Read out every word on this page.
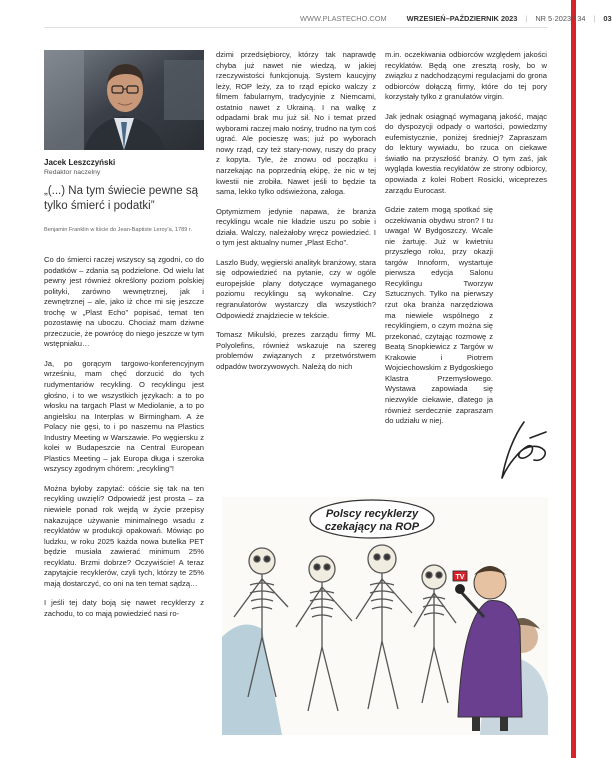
WWW.PLASTECHO.COM	WRZESIEŃ–PAŹDZIERNIK 2023 | NR 5·2023 / 34 | 03
Jacek Leszczyński
Redaktor naczelny
„(...) Na tym świecie pewne są tylko śmierć i podatki”
Benjamin Franklin w liście do Jean-Baptiste Leroy’a, 1789 r.

Co do śmierci raczej wszyscy są zgodni, co do podatków – zdania są podzielone. Od wielu lat pewny jest również określony poziom polskiej polityki, zarówno wewnętrznej, jak i zewnętrznej – ale, jako iż chce mi się jeszcze trochę w „Plast Echo” popisać, temat ten pozostawię na uboczu. Chociaż mam dziwne przeczucie, że powrócę do niego jeszcze w tym wstępniaku…

Ja, po gorącym targowo-konferencyjnym wrześniu, mam chęć dorzucić do tych rudymentariów recykling. O recyklingu jest głośno, i to we wszystkich językach: a to po włosku na targach Plast w Mediolanie, a to po angielsku na Interplas w Birmingham. A że Polacy nie gęsi, to i po naszemu na Plastics Industry Meeting w Warszawie. Po węgiersku z kolei w Budapeszcie na Central European Plastics Meeting – jak Europa długa i szeroka wszyscy zgodnym chórem: „recykling”!

Można byłoby zapytać: cóście się tak na ten recykling uwzięli? Odpowiedź jest prosta – za niewiele ponad rok wejdą w życie przepisy nakazujące używanie minimalnego wsadu z recyklatów w produkcji opakowań. Mówiąc po ludzku, w roku 2025 każda nowa butelka PET będzie musiała zawierać minimum 25% recyklatu. Brzmi dobrze? Oczywiście! A teraz zapytajcie recyklerów, czyli tych, którzy te 25% mają dostarczyć, co oni na ten temat sądzą…

I jeśli tej daty boją się nawet recyklerzy z zachodu, to co mają powiedzieć nasi ro-

dzimi przedsiębiorcy, którzy tak naprawdę chyba już nawet nie wiedzą, w jakiej rzeczywistości funkcjonują. System kaucyjny leży, ROP leży, za to rząd epicko walczy z filmem fabularnym, tradycyjnie z Niemcami, ostatnio nawet z Ukrainą. I na walkę z odpadami brak mu już sił. No i temat przed wyborami raczej mało nośny, trudno na tym coś ugrać. Ale pocieszę was; już po wyborach nowy rząd, czy też stary-nowy, ruszy do pracy z kopyta. Tyle, że znowu od początku i narzekając na poprzednią ekipę, że nic w tej kwestii nie zrobiła. Nawet jeśli to będzie ta sama, lekko tylko odświeżona, załoga.

Optymizmem jedynie napawa, że branża recyklingu wcale nie kładzie uszu po sobie i działa. Walczy, należałoby wręcz powiedzieć. I o tym jest aktualny numer „Plast Echo”.

Laszlo Budy, węgierski analityk branżowy, stara się odpowiedzieć na pytanie, czy w ogóle europejskie plany dotyczące wymaganego poziomu recyklingu są wykonalne. Czy regranulatorów wystarczy dla wszystkich? Odpowiedź znajdziecie w tekście.

Tomasz Mikulski, prezes zarządu firmy ML Polyolefins, również wskazuje na szereg problemów związanych z przetwórstwem odpadów tworzywowych. Należą do nich

m.in. oczekiwania odbiorców względem jakości recyklatów. Będą one zresztą rosły, bo w związku z nadchodzącymi regulacjami do grona odbiorców dołączą firmy, które do tej pory korzystały tylko z granulatów virgin.

Jak jednak osiągnąć wymaganą jakość, mając do dyspozycji odpady o wartości, powiedzmy eufemistycznie, poniżej średniej? Zapraszam do lektury wywiadu, bo rzuca on ciekawe światło na przyszłość branży. O tym zaś, jak wygląda kwestia recyklatów ze strony odbiorcy, opowiada z kolei Robert Rosicki, wiceprezes zarządu Eurocast.

Gdzie zatem mogą spotkać się oczekiwania obydwu stron? I tu uwaga! W Bydgoszczy. Wcale nie żartuję. Już w kwietniu przyszłego roku, przy okazji targów Innoform, wystartuje pierwsza edycja Salonu Recyklingu Tworzyw Sztucznych. Tylko na pierwszy rzut oka branża narzędziowa ma niewiele wspólnego z recyklingiem, o czym można się przekonać, czytając rozmowę z Beatą Snopkiewicz z Targów w Krakowie i Piotrem Wojciechowskim z Bydgoskiego Klastra Przemysłowego. Wystawa zapowiada się niezwykle ciekawie, dlatego ja również serdecznie zapraszam do udziału w niej.

Polscy recyklerzy
czekający na ROP
TV
